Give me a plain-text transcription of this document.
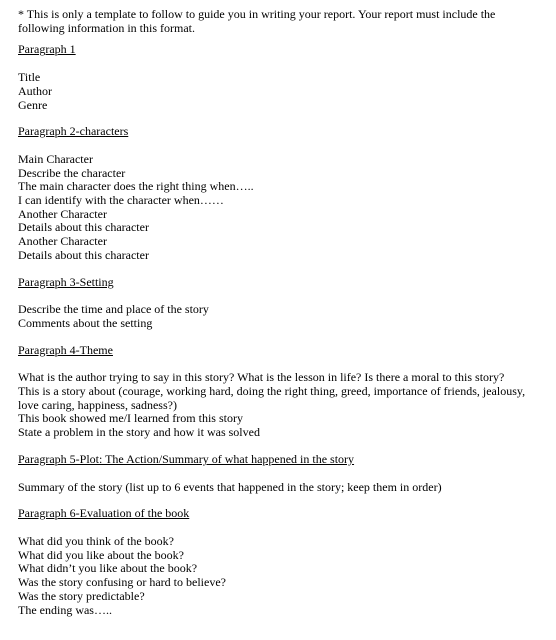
* This is only a template to follow to guide you in writing your report. Your report must include the following information in this format.

Paragraph 1
Title
Author
Genre
Paragraph 2-characters
Main Character
Describe the character
The main character does the right thing when…..
I can identify with the character when……
Another Character
Details about this character
Another Character
Details about this character
Paragraph 3-Setting
Describe the time and place of the story
Comments about the setting
Paragraph 4-Theme
What is the author trying to say in this story? What is the lesson in life? Is there a moral to this story?
This is a story about (courage, working hard, doing the right thing, greed, importance of friends, jealousy, love caring, happiness, sadness?)
This book showed me/I learned from this story
State a problem in the story and how it was solved
Paragraph 5-Plot: The Action/Summary of what happened in the story
Summary of the story (list up to 6 events that happened in the story; keep them in order)
Paragraph 6-Evaluation of the book
What did you think of the book?
What did you like about the book?
What didn’t you like about the book?
Was the story confusing or hard to believe?
Was the story predictable?
The ending was…..
